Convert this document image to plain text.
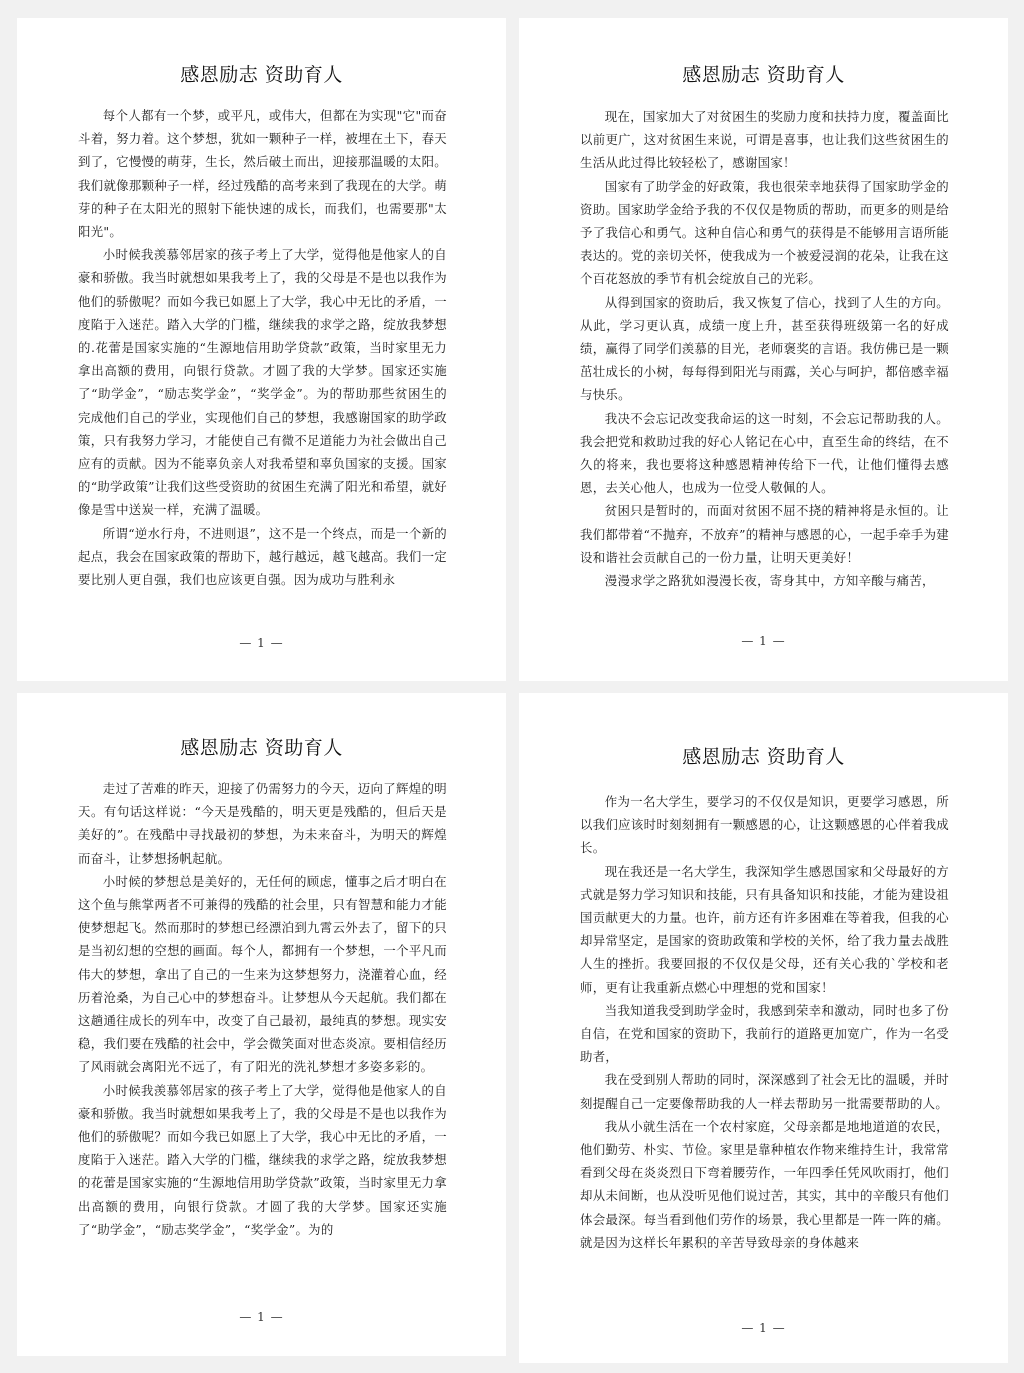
感恩励志 资助育人

每个人都有一个梦，或平凡，或伟大，但都在为实现"它"而奋斗着，努力着。这个梦想，犹如一颗种子一样，被埋在土下，春天到了，它慢慢的萌芽，生长，然后破土而出，迎接那温暖的太阳。我们就像那颗种子一样，经过残酷的高考来到了我现在的大学。萌芽的种子在太阳光的照射下能快速的成长，而我们，也需要那"太阳光"。

小时候我羡慕邻居家的孩子考上了大学，觉得他是他家人的自豪和骄傲。我当时就想如果我考上了，我的父母是不是也以我作为他们的骄傲呢？而如今我已如愿上了大学，我心中无比的矛盾，一度陷于入迷茫。踏入大学的门槛，继续我的求学之路，绽放我梦想的.花蕾是国家实施的“生源地信用助学贷款”政策，当时家里无力拿出高额的费用，向银行贷款。才圆了我的大学梦。国家还实施了“助学金”，“励志奖学金”，“奖学金”。为的帮助那些贫困生的完成他们自己的学业，实现他们自己的梦想，我感谢国家的助学政策，只有我努力学习，才能使自己有微不足道能力为社会做出自己应有的贡献。因为不能辜负亲人对我希望和辜负国家的支援。国家的“助学政策”让我们这些受资助的贫困生充满了阳光和希望，就好像是雪中送炭一样，充满了温暖。

所谓“逆水行舟，不进则退”，这不是一个终点，而是一个新的起点，我会在国家政策的帮助下，越行越远，越飞越高。我们一定要比别人更自强，我们也应该更自强。因为成功与胜利永

— 1 —
感恩励志 资助育人

现在，国家加大了对贫困生的奖励力度和扶持力度，覆盖面比以前更广，这对贫困生来说，可谓是喜事，也让我们这些贫困生的生活从此过得比较轻松了，感谢国家！

国家有了助学金的好政策，我也很荣幸地获得了国家助学金的资助。国家助学金给予我的不仅仅是物质的帮助，而更多的则是给予了我信心和勇气。这种自信心和勇气的获得是不能够用言语所能表达的。党的亲切关怀，使我成为一个被爱浸润的花朵，让我在这个百花怒放的季节有机会绽放自己的光彩。

从得到国家的资助后，我又恢复了信心，找到了人生的方向。从此，学习更认真，成绩一度上升，甚至获得班级第一名的好成绩，赢得了同学们羡慕的目光，老师褒奖的言语。我仿佛已是一颗茁壮成长的小树，每每得到阳光与雨露，关心与呵护，都倍感幸福与快乐。

我决不会忘记改变我命运的这一时刻，不会忘记帮助我的人。我会把党和救助过我的好心人铭记在心中，直至生命的终结，在不久的将来，我也要将这种感恩精神传给下一代，让他们懂得去感恩，去关心他人，也成为一位受人敬佩的人。

贫困只是暂时的，而面对贫困不屈不挠的精神将是永恒的。让我们都带着“不抛弃，不放弃”的精神与感恩的心，一起手牵手为建设和谐社会贡献自己的一份力量，让明天更美好！

漫漫求学之路犹如漫漫长夜，寄身其中，方知辛酸与痛苦，

— 1 —
感恩励志 资助育人

走过了苦难的昨天，迎接了仍需努力的今天，迈向了辉煌的明天。有句话这样说：“今天是残酷的，明天更是残酷的，但后天是美好的”。在残酷中寻找最初的梦想，为未来奋斗，为明天的辉煌而奋斗，让梦想扬帆起航。

小时候的梦想总是美好的，无任何的顾虑，懂事之后才明白在这个鱼与熊掌两者不可兼得的残酷的社会里，只有智慧和能力才能使梦想起飞。然而那时的梦想已经漂泊到九霄云外去了，留下的只是当初幻想的空想的画面。每个人，都拥有一个梦想，一个平凡而伟大的梦想，拿出了自己的一生来为这梦想努力，浇灌着心血，经历着沧桑，为自己心中的梦想奋斗。让梦想从今天起航。我们都在这趟通往成长的列车中，改变了自己最初，最纯真的梦想。现实安稳，我们要在残酷的社会中，学会微笑面对世态炎凉。要相信经历了风雨就会离阳光不远了，有了阳光的洗礼梦想才多姿多彩的。

小时候我羡慕邻居家的孩子考上了大学，觉得他是他家人的自豪和骄傲。我当时就想如果我考上了，我的父母是不是也以我作为他们的骄傲呢？而如今我已如愿上了大学，我心中无比的矛盾，一度陷于入迷茫。踏入大学的门槛，继续我的求学之路，绽放我梦想的花蕾是国家实施的“生源地信用助学贷款”政策，当时家里无力拿出高额的费用，向银行贷款。才圆了我的大学梦。国家还实施了“助学金”，“励志奖学金”，“奖学金”。为的

— 1 —
感恩励志 资助育人

作为一名大学生，要学习的不仅仅是知识，更要学习感恩，所以我们应该时时刻刻拥有一颗感恩的心，让这颗感恩的心伴着我成长。

现在我还是一名大学生，我深知学生感恩国家和父母最好的方式就是努力学习知识和技能，只有具备知识和技能，才能为建设祖国贡献更大的力量。也许，前方还有许多困难在等着我，但我的心却异常坚定，是国家的资助政策和学校的关怀，给了我力量去战胜人生的挫折。我要回报的不仅仅是父母，还有关心我的`学校和老师，更有让我重新点燃心中理想的党和国家！

当我知道我受到助学金时，我感到荣幸和激动，同时也多了份自信，在党和国家的资助下，我前行的道路更加宽广，作为一名受助者，

我在受到别人帮助的同时，深深感到了社会无比的温暖，并时刻提醒自己一定要像帮助我的人一样去帮助另一批需要帮助的人。

我从小就生活在一个农村家庭，父母亲都是地地道道的农民，他们勤劳、朴实、节俭。家里是靠种植农作物来维持生计，我常常看到父母在炎炎烈日下弯着腰劳作，一年四季任凭风吹雨打，他们却从未间断，也从没听见他们说过苦，其实，其中的辛酸只有他们体会最深。每当看到他们劳作的场景，我心里都是一阵一阵的痛。就是因为这样长年累积的辛苦导致母亲的身体越来

— 1 —
